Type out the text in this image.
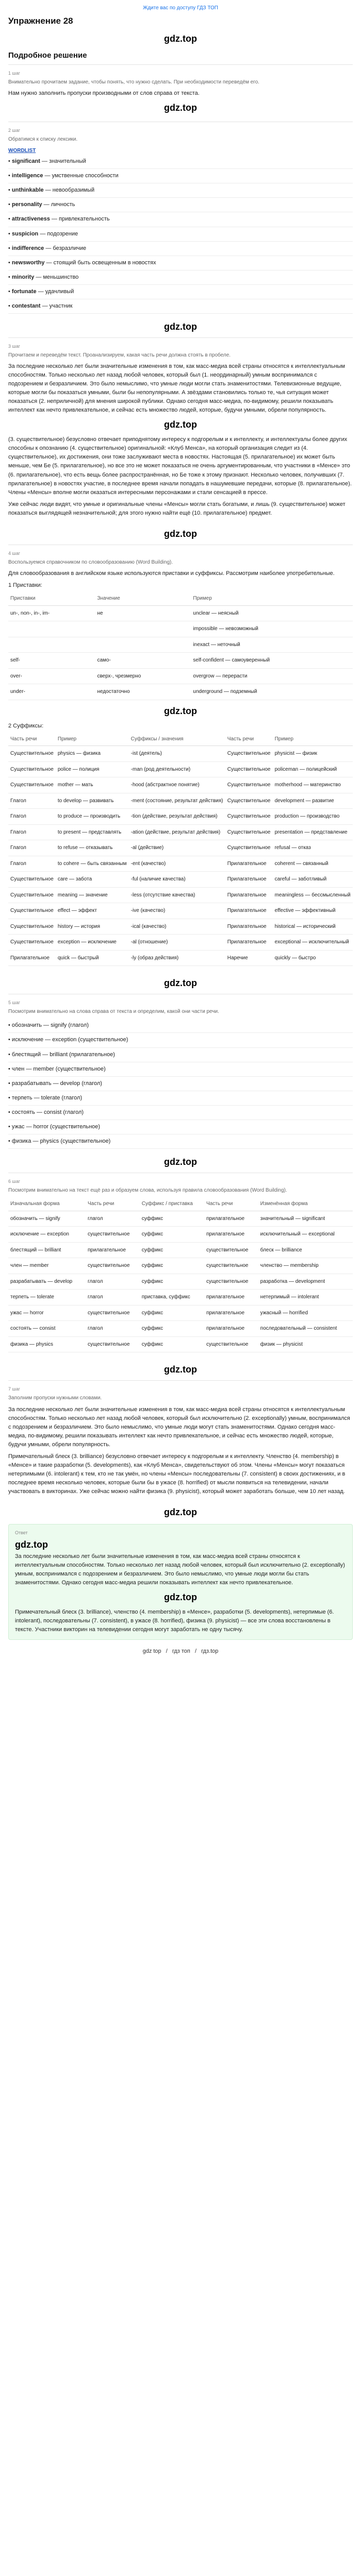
Ждите вас по доступу ГДЗ ТОП
Упражнение 28
gdz.top
Подробное решение
1 шаг
Внимательно прочитаем задание, чтобы понять, что нужно сделать. При необходимости переведём его.

Нам нужно заполнить пропуски производными от слов справа от текста.

gdz.top
2 шаг
Обратимся к списку лексики.
WORDLIST
• significant — значительный
• intelligence — умственные способности
• unthinkable — невообразимый
• personality — личность
• attractiveness — привлекательность
• suspicion — подозрение
• indifference — безразличие
• newsworthy — стоящий быть освещенным в новостях
• minority — меньшинство
• fortunate — удачливый
• contestant — участник
gdz.top
3 шаг
Прочитаем и переведём текст. Проанализируем, какая часть речи должна стоять в пробеле.

За последние несколько лет были значительные изменения в том, как масс-медиа всей страны относятся к интеллектуальным способностям. Только несколько лет назад любой человек, который был (1. неординарный) умным воспринимался с подозрением и безразличием. Это было немыслимо, что умные люди могли стать знаменитостями. Телевизионные ведущие, которые могли бы показаться умными, были бы непопулярными. А звёздами становились только те, чья ситуация может показаться (2. неприличной) для мнения широкой публики. Однако сегодня масс-медиа, по-видимому, решили показывать интеллект как нечто привлекательное, и сейчас есть множество людей, которые, будучи умными, обрели популярность.

gdz.top

(3. существительное) безусловно отвечает приподнятому интересу к подгорелым и к интеллекту, и интеллектуалы более других способны к опознанию (4. существительное) оригинальной: «Клуб Менса», на который организация следит из (4. существительное), их достижения, они тоже заслуживают места в новостях. Настоящая (5. прилагательное) их может быть меньше, чем Бе (5. прилагательное), но все это не может показаться не очень аргументированным, что участники в «Менсе» это (6. прилагательное), что есть вещь более распространённая, но Бе тоже к этому признают. Несколько человек, получивших (7. прилагательное) в новостях участие, в последнее время начали попадать в нашумевшие передачи, которые (8. прилагательное). Члены «Менсы» вполне могли оказаться интересными персонажами и стали сенсацией в прессе.

Уже сейчас люди видят, что умные и оригинальные члены «Менсы» могли стать богатыми, и лишь (9. существительное) может показаться выглядящей незначительной; для этого нужно найти ещё (10. прилагательное) предмет.

gdz.top
4 шаг
Воспользуемся справочником по словообразованию (Word Building).

Для словообразования в английском языке используются приставки и суффиксы. Рассмотрим наиболее употребительные.

1 Приставки:
Приставки	Значение	Пример
un-, non-, in-, im-	не	unclear — неясный
		impossible — невозможный
		inexact — неточный
self-	само-	self-confident — самоуверенный
over-	сверх-, чрезмерно	overgrow — перерасти
under-	недостаточно	underground — подземный
gdz.top
2 Суффиксы:
Часть речи	Пример	Суффиксы / значения	Часть речи	Пример
Существительное	physics — физика	-ist (деятель)	Существительное	physicist — физик
Существительное	police — полиция	-man (род деятельности)	Существительное	policeman — полицейский
Существительное	mother — мать	-hood (абстрактное понятие)	Существительное	motherhood — материнство
Глагол	to develop — развивать	-ment (состояние, результат действия)	Существительное	development — развитие
Глагол	to produce — производить	-tion (действие, результат действия)	Существительное	production — производство
Глагол	to present — представлять	-ation (действие, результат действия)	Существительное	presentation — представление
Глагол	to refuse — отказывать	-al (действие)	Существительное	refusal — отказ
Глагол	to cohere — быть связанным	-ent (качество)	Прилагательное	coherent — связанный
Существительное	care — забота	-ful (наличие качества)	Прилагательное	careful — заботливый
Существительное	meaning — значение	-less (отсутствие качества)	Прилагательное	meaningless — бессмысленный
Существительное	effect — эффект	-ive (качество)	Прилагательное	effective — эффективный
Существительное	history — история	-ical (качество)	Прилагательное	historical — исторический
Существительное	exception — исключение	-al (отношение)	Прилагательное	exceptional — исключительный
Прилагательное	quick — быстрый	-ly (образ действия)	Наречие	quickly — быстро
gdz.top
5 шаг
Посмотрим внимательно на слова справа от текста и определим, какой они части речи.
• обозначить — signify (глагол)
• исключение — exception (существительное)
• блестящий — brilliant (прилагательное)
• член — member (существительное)
• разрабатывать — develop (глагол)
• терпеть — tolerate (глагол)
• состоять — consist (глагол)
• ужас — horror (существительное)
• физика — physics (существительное)
gdz.top
6 шаг
Посмотрим внимательно на текст ещё раз и образуем слова, используя правила словообразования (Word Building).
Изначальная форма	Часть речи	Суффикс / приставка	Часть речи	Изменённая форма
обозначить — signify	глагол	суффикс	прилагательное	значительный — significant
исключение — exception	существительное	суффикс	прилагательное	исключительный — exceptional
блестящий — brilliant	прилагательное	суффикс	существительное	блеск — brilliance
член — member	существительное	суффикс	существительное	членство — membership
разрабатывать — develop	глагол	суффикс	существительное	разработка — development
терпеть — tolerate	глагол	приставка, суффикс	прилагательное	нетерпимый — intolerant
ужас — horror	существительное	суффикс	прилагательное	ужасный — horrified
состоять — consist	глагол	суффикс	прилагательное	последовательный — consistent
физика — physics	существительное	суффикс	существительное	физик — physicist
gdz.top
7 шаг
Заполним пропуски нужными словами.

За последние несколько лет были значительные изменения в том, как масс-медиа всей страны относятся к интеллектуальным способностям. Только несколько лет назад любой человек, который был исключительно (2. exceptionally) умным, воспринимался с подозрением и безразличием. Это было немыслимо, что умные люди могут стать знаменитостями. Однако сегодня масс-медиа, по-видимому, решили показывать интеллект как нечто привлекательное, и сейчас есть множество людей, которые, будучи умными, обрели популярность.

Примечательный блеск (3. brilliance) безусловно отвечает интересу к подгорелым и к интеллекту. Членство (4. membership) в «Менсе» и такие разработки (5. developments), как «Клуб Менса», свидетельствуют об этом. Члены «Менсы» могут показаться нетерпимыми (6. intolerant) к тем, кто не так умён, но члены «Менсы» последовательны (7. consistent) в своих достижениях, и в последнее время несколько человек, которые были бы в ужасе (8. horrified) от мысли появиться на телевидении, начали участвовать в викторинах. Уже сейчас можно найти физика (9. physicist), который может заработать больше, чем 10 лет назад.

gdz.top
Ответ
gdz.top

За последние несколько лет были значительные изменения в том, как масс-медиа всей страны относятся к интеллектуальным способностям. Только несколько лет назад любой человек, который был исключительно (2. exceptionally) умным, воспринимался с подозрением и безразличием. Это было немыслимо, что умные люди могли бы стать знаменитостями. Однако сегодня масс-медиа решили показывать интеллект как нечто привлекательное.

gdz.top

Примечательный блеск (3. brilliance), членство (4. membership) в «Менсе», разработки (5. developments), нетерпимые (6. intolerant), последовательны (7. consistent), в ужасе (8. horrified), физика (9. physicist) — все эти слова восстановлены в тексте. Участники викторин на телевидении сегодня могут заработать не одну тысячу.

gdz top / гдз топ / гдз.top
